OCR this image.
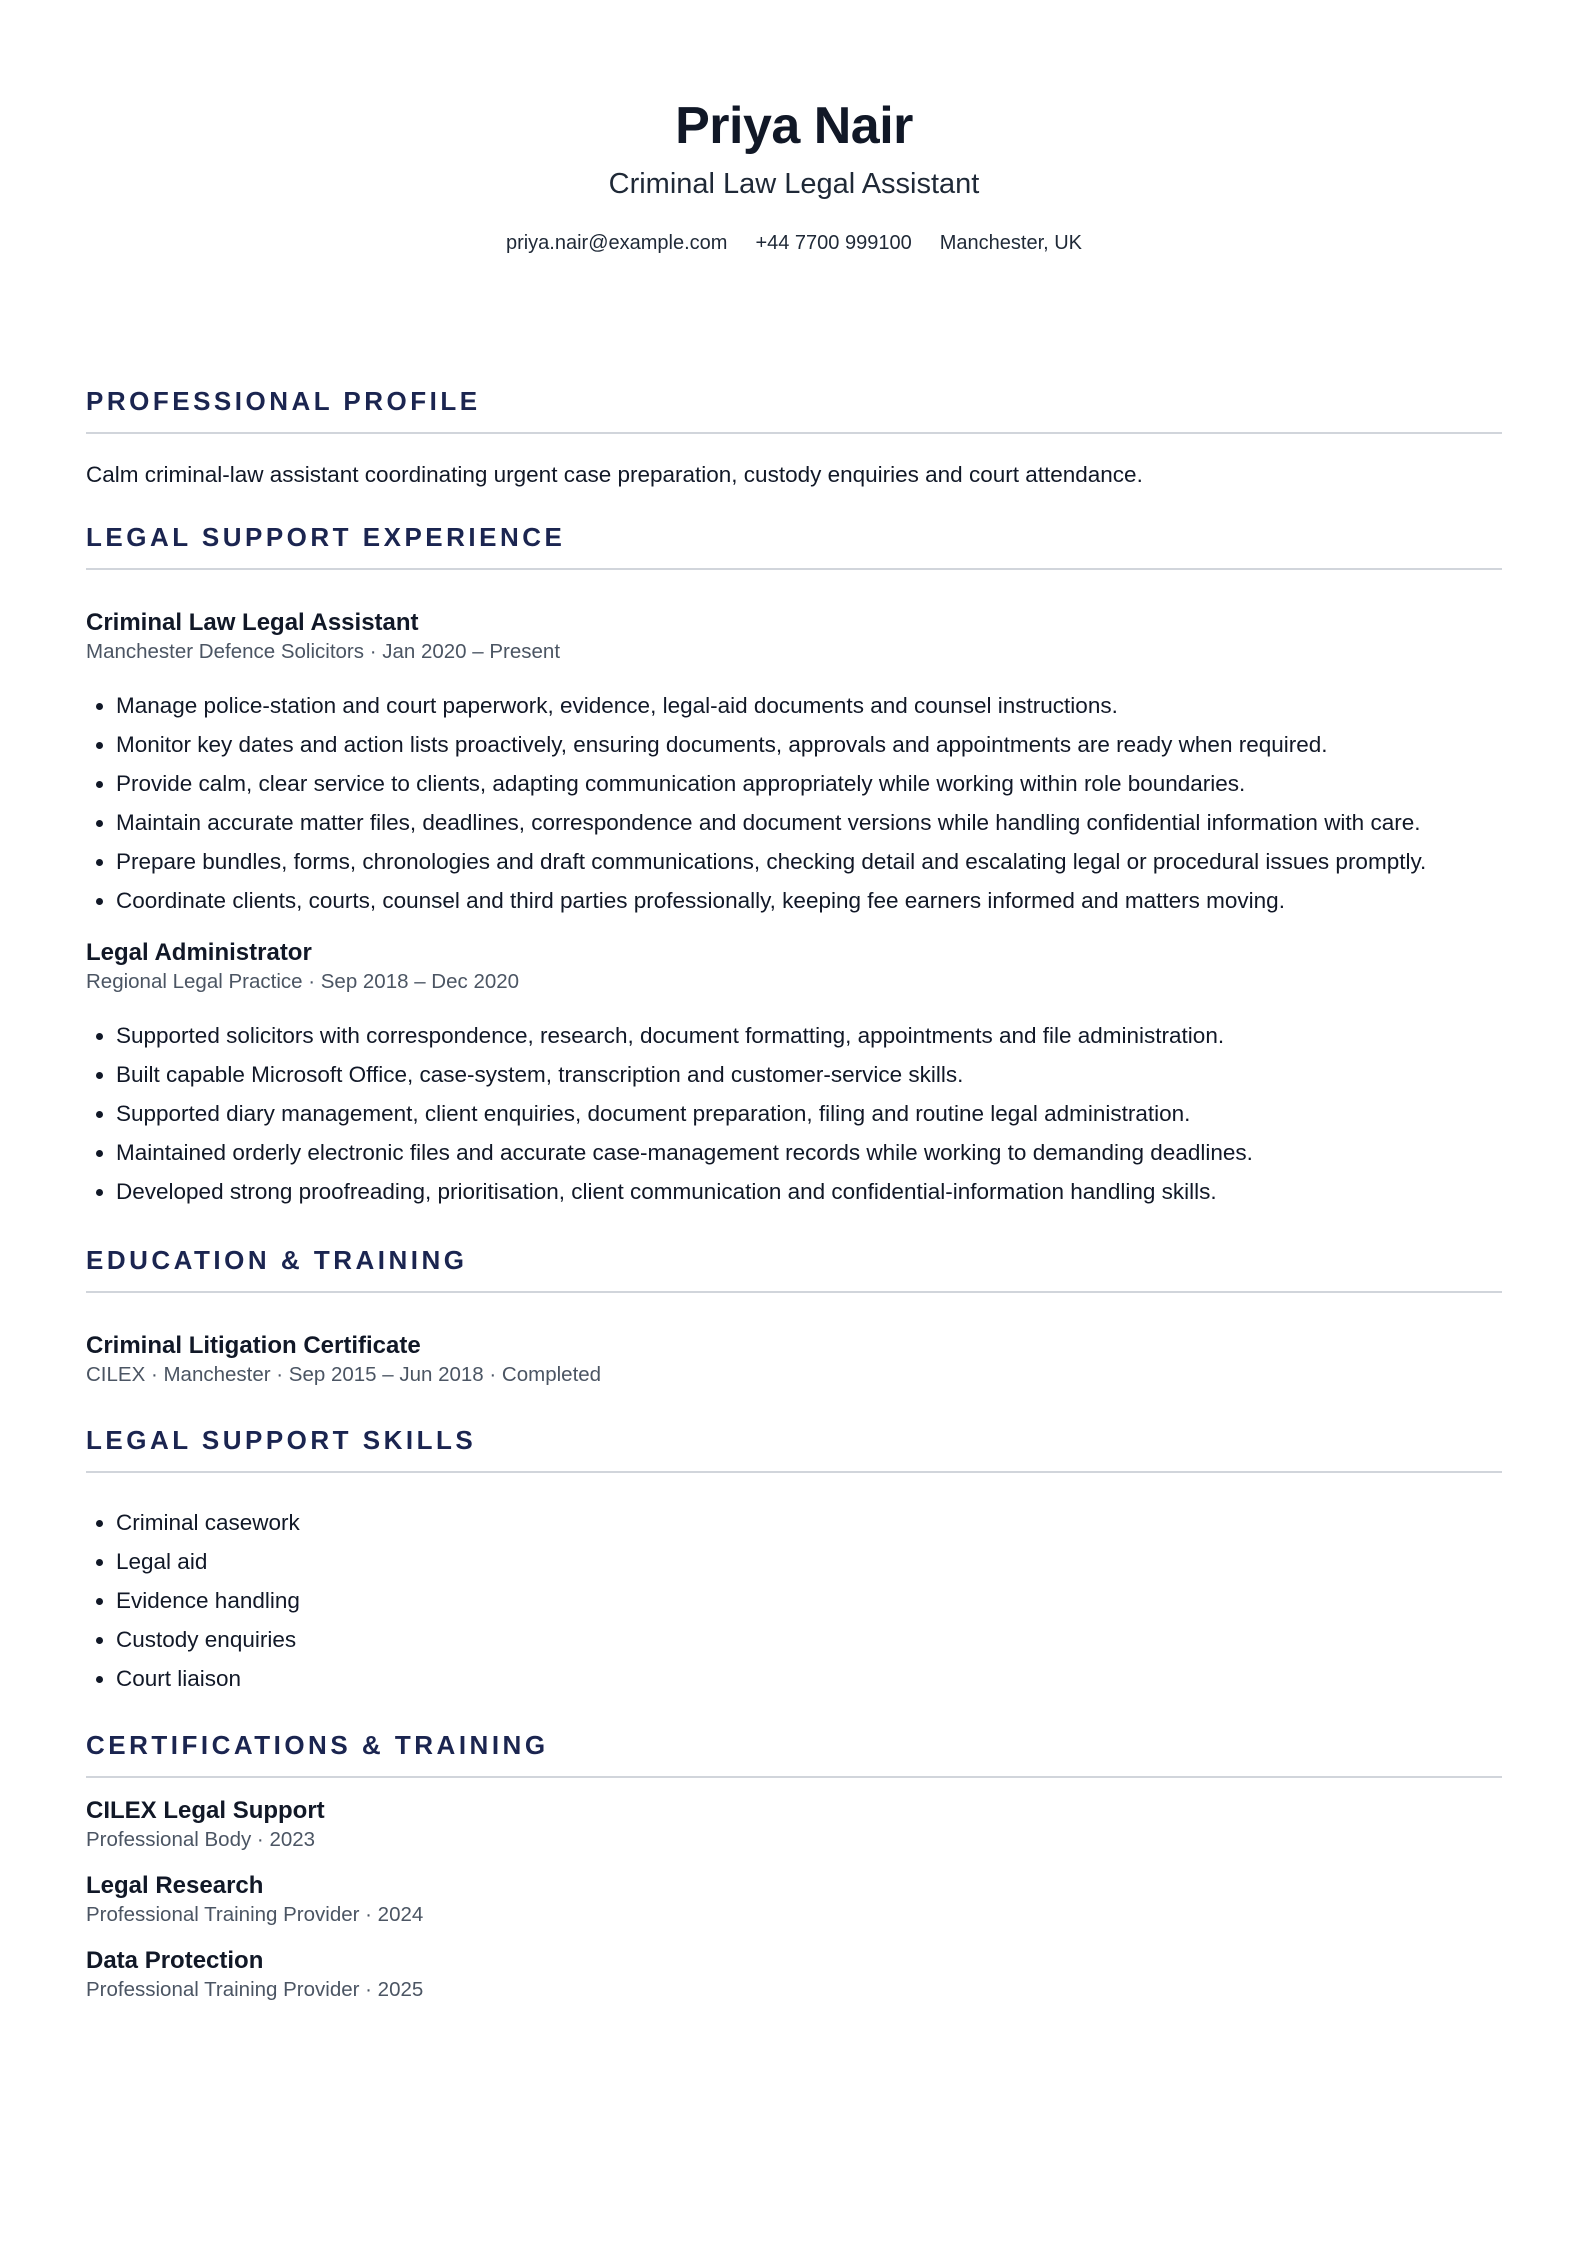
Priya Nair

Criminal Law Legal Assistant

priya.nair@example.com +44 7700 999100 Manchester, UK
PROFESSIONAL PROFILE

Calm criminal-law assistant coordinating urgent case preparation, custody enquiries and court attendance.

LEGAL SUPPORT EXPERIENCE

Criminal Law Legal Assistant

Manchester Defence Solicitors · Jan 2020 – Present

• Manage police-station and court paperwork, evidence, legal-aid documents and counsel instructions.
• Monitor key dates and action lists proactively, ensuring documents, approvals and appointments are ready when required.
• Provide calm, clear service to clients, adapting communication appropriately while working within role boundaries.
• Maintain accurate matter files, deadlines, correspondence and document versions while handling confidential information with care.
• Prepare bundles, forms, chronologies and draft communications, checking detail and escalating legal or procedural issues promptly.
• Coordinate clients, courts, counsel and third parties professionally, keeping fee earners informed and matters moving.

Legal Administrator

Regional Legal Practice · Sep 2018 – Dec 2020

• Supported solicitors with correspondence, research, document formatting, appointments and file administration.
• Built capable Microsoft Office, case-system, transcription and customer-service skills.
• Supported diary management, client enquiries, document preparation, filing and routine legal administration.
• Maintained orderly electronic files and accurate case-management records while working to demanding deadlines.
• Developed strong proofreading, prioritisation, client communication and confidential-information handling skills.
EDUCATION & TRAINING

Criminal Litigation Certificate

CILEX · Manchester · Sep 2015 – Jun 2018 · Completed

LEGAL SUPPORT SKILLS
• Criminal casework
• Legal aid
• Evidence handling
• Custody enquiries
• Court liaison
CERTIFICATIONS & TRAINING

CILEX Legal Support

Professional Body · 2023

Legal Research

Professional Training Provider · 2024

Data Protection

Professional Training Provider · 2025
